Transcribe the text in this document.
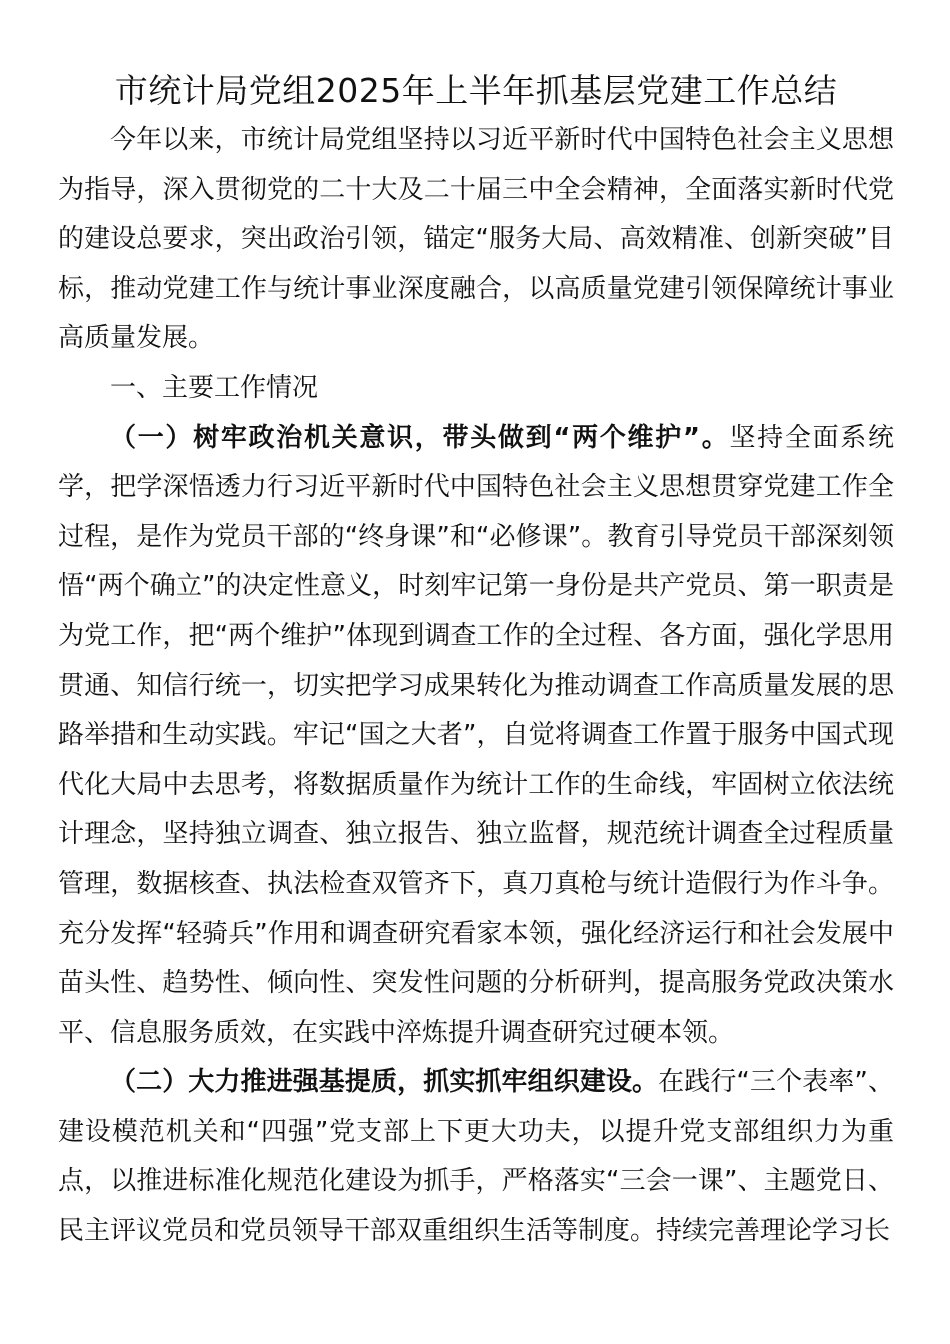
市统计局党组2025年上半年抓基层党建工作总结

今年以来，市统计局党组坚持以习近平新时代中国特色社会主义思想为指导，深入贯彻党的二十大及二十届三中全会精神，全面落实新时代党的建设总要求，突出政治引领，锚定“服务大局、高效精准、创新突破”目标，推动党建工作与统计事业深度融合，以高质量党建引领保障统计事业高质量发展。

一、主要工作情况

（一）树牢政治机关意识，带头做到“两个维护”。坚持全面系统学，把学深悟透力行习近平新时代中国特色社会主义思想贯穿党建工作全过程，是作为党员干部的“终身课”和“必修课”。教育引导党员干部深刻领悟“两个确立”的决定性意义，时刻牢记第一身份是共产党员、第一职责是为党工作，把“两个维护”体现到调查工作的全过程、各方面，强化学思用贯通、知信行统一，切实把学习成果转化为推动调查工作高质量发展的思路举措和生动实践。牢记“国之大者”，自觉将调查工作置于服务中国式现代化大局中去思考，将数据质量作为统计工作的生命线，牢固树立依法统计理念，坚持独立调查、独立报告、独立监督，规范统计调查全过程质量管理，数据核查、执法检查双管齐下，真刀真枪与统计造假行为作斗争。充分发挥“轻骑兵”作用和调查研究看家本领，强化经济运行和社会发展中苗头性、趋势性、倾向性、突发性问题的分析研判，提高服务党政决策水平、信息服务质效，在实践中淬炼提升调查研究过硬本领。

（二）大力推进强基提质，抓实抓牢组织建设。在践行“三个表率”、建设模范机关和“四强”党支部上下更大功夫，以提升党支部组织力为重点，以推进标准化规范化建设为抓手，严格落实“三会一课”、主题党日、民主评议党员和党员领导干部双重组织生活等制度。持续完善理论学习长
